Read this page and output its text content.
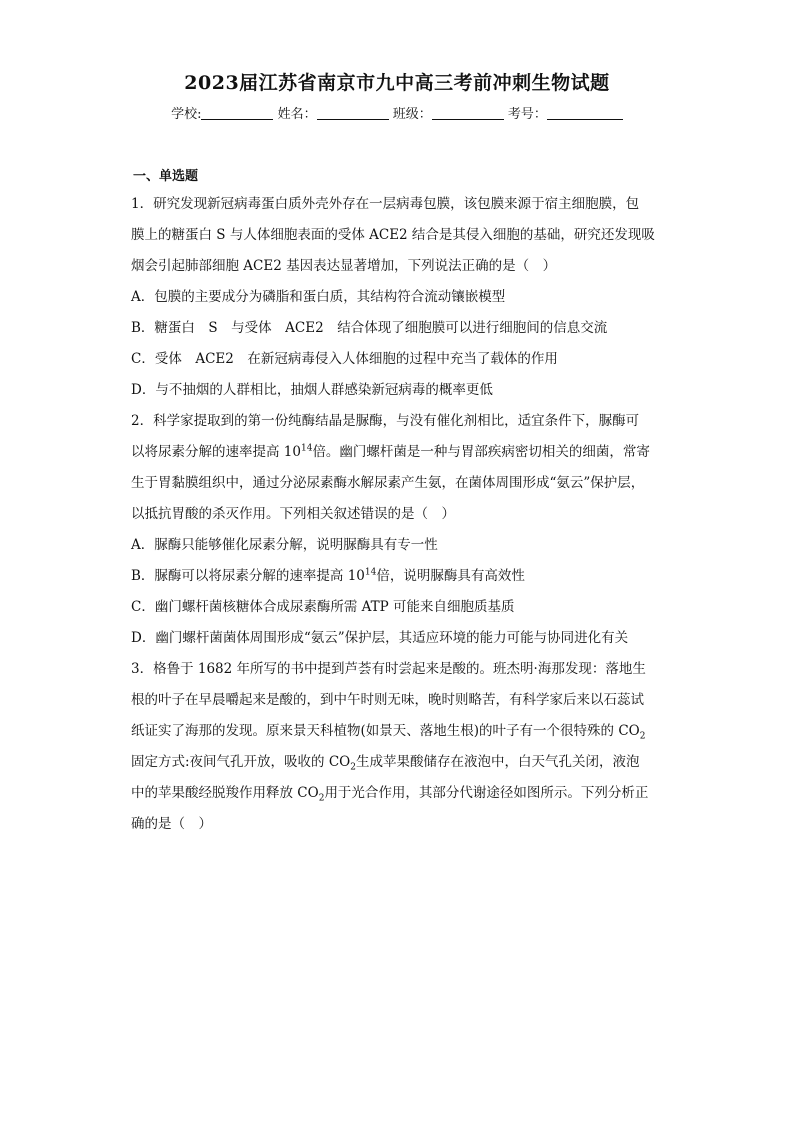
2023届江苏省南京市九中高三考前冲刺生物试题
学校:	姓名：	班级：	考号：
一、单选题
1．研究发现新冠病毒蛋白质外壳外存在一层病毒包膜，该包膜来源于宿主细胞膜，包
膜上的糖蛋白 S 与人体细胞表面的受体 ACE2 结合是其侵入细胞的基础，研究还发现吸
烟会引起肺部细胞 ACE2 基因表达显著增加，下列说法正确的是（　）
A．包膜的主要成分为磷脂和蛋白质，其结构符合流动镶嵌模型
B．糖蛋白　S　与受体　ACE2　结合体现了细胞膜可以进行细胞间的信息交流
C．受体　ACE2　在新冠病毒侵入人体细胞的过程中充当了载体的作用
D．与不抽烟的人群相比，抽烟人群感染新冠病毒的概率更低
2．科学家提取到的第一份纯酶结晶是脲酶，与没有催化剂相比，适宜条件下，脲酶可
以将尿素分解的速率提高 $10^{14}$倍。幽门螺杆菌是一种与胃部疾病密切相关的细菌，常寄
生于胃黏膜组织中，通过分泌尿素酶水解尿素产生氨，在菌体周围形成“氨云”保护层，
以抵抗胃酸的杀灭作用。下列相关叙述错误的是（　）
A．脲酶只能够催化尿素分解，说明脲酶具有专一性
B．脲酶可以将尿素分解的速率提高 $10^{14}$倍，说明脲酶具有高效性
C．幽门螺杆菌核糖体合成尿素酶所需 ATP 可能来自细胞质基质
D．幽门螺杆菌菌体周围形成“氨云”保护层，其适应环境的能力可能与协同进化有关
3．格鲁于 1682 年所写的书中提到芦荟有时尝起来是酸的。班杰明·海那发现：落地生
根的叶子在早晨嚼起来是酸的，到中午时则无味，晚时则略苦，有科学家后来以石蕊试
纸证实了海那的发现。原来景天科植物(如景天、落地生根)的叶子有一个很特殊的 $CO_2$
固定方式:夜间气孔开放，吸收的 $CO_2$生成苹果酸储存在液泡中，白天气孔关闭，液泡
中的苹果酸经脱羧作用释放 $CO_2$用于光合作用，其部分代谢途径如图所示。下列分析正
确的是（　）
